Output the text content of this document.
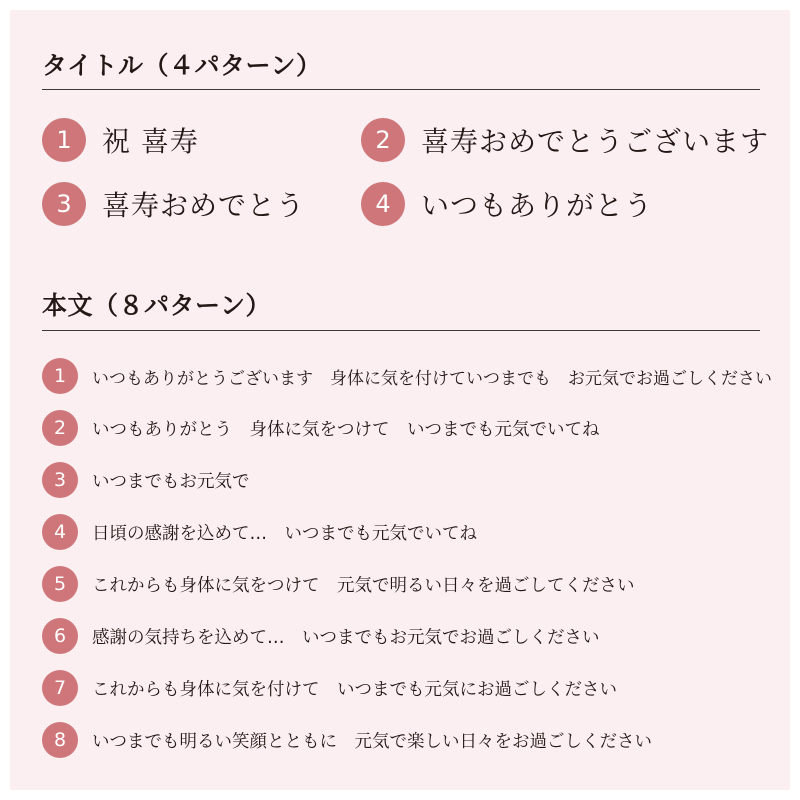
タイトル（４パターン）
1	祝 喜寿	2	喜寿おめでとうございます
3	喜寿おめでとう	4	いつもありがとう
本文（８パターン）
1	いつもありがとうございます　身体に気を付けていつまでも　お元気でお過ごしください
2	いつもありがとう　身体に気をつけて　いつまでも元気でいてね
3	いつまでもお元気で
4	日頃の感謝を込めて…　いつまでも元気でいてね
5	これからも身体に気をつけて　元気で明るい日々を過ごしてください
6	感謝の気持ちを込めて…　いつまでもお元気でお過ごしください
7	これからも身体に気を付けて　いつまでも元気にお過ごしください
8	いつまでも明るい笑顔とともに　元気で楽しい日々をお過ごしください
